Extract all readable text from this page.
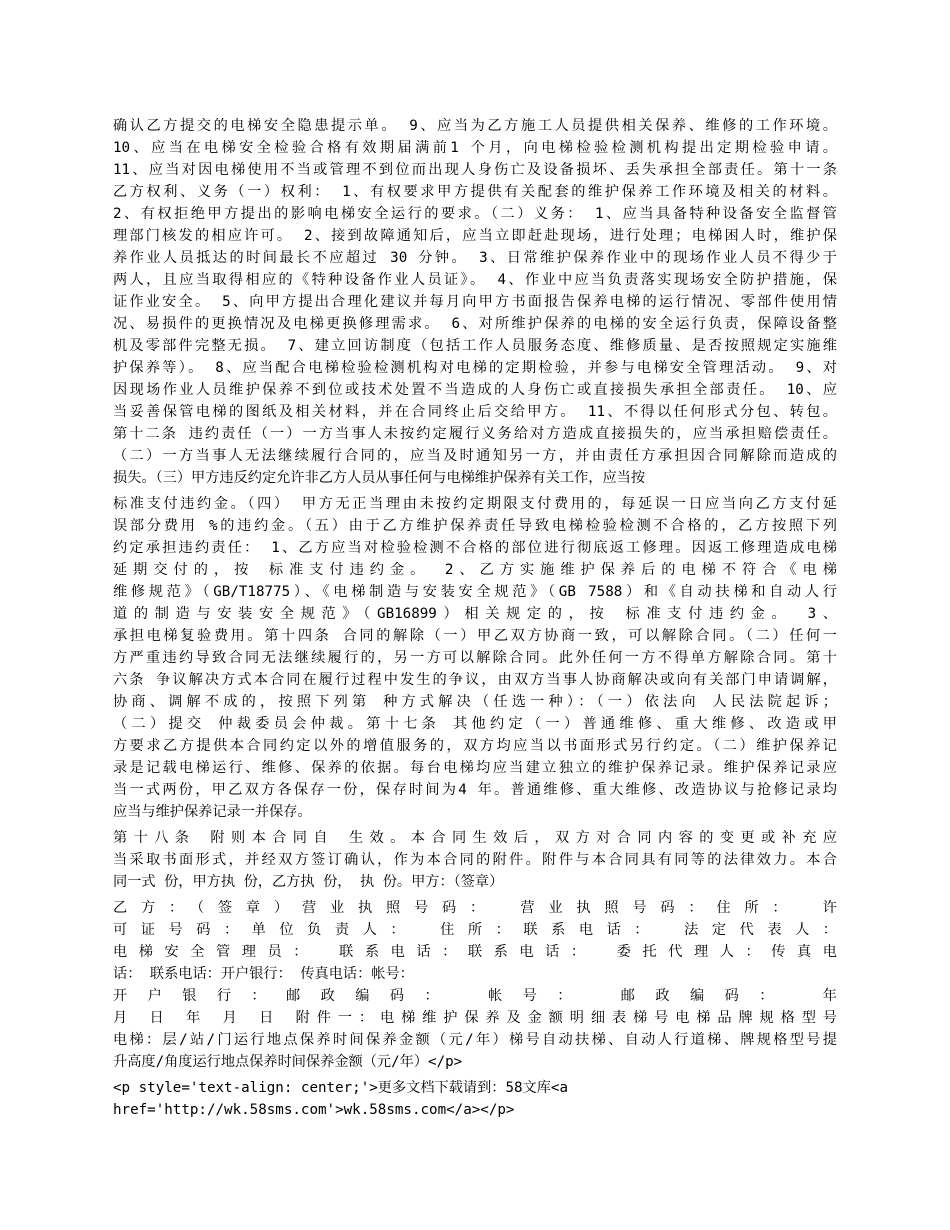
确认乙方提交的电梯安全隐患提示单。 9、应当为乙方施工人员提供相关保养、维修的工作环境。
10、应当在电梯安全检验合格有效期届满前1 个月，向电梯检验检测机构提出定期检验申请。
11、应当对因电梯使用不当或管理不到位而出现人身伤亡及设备损坏、丢失承担全部责任。第十一条
乙方权利、义务（一）权利： 1、有权要求甲方提供有关配套的维护保养工作环境及相关的材料。
2、有权拒绝甲方提出的影响电梯安全运行的要求。（二）义务： 1、应当具备特种设备安全监督管
理部门核发的相应许可。 2、接到故障通知后，应当立即赶赴现场，进行处理；电梯困人时，维护保
养作业人员抵达的时间最长不应超过 30 分钟。 3、日常维护保养作业中的现场作业人员不得少于
两人，且应当取得相应的《特种设备作业人员证》。 4、作业中应当负责落实现场安全防护措施，保
证作业安全。 5、向甲方提出合理化建议并每月向甲方书面报告保养电梯的运行情况、零部件使用情
况、易损件的更换情况及电梯更换修理需求。 6、对所维护保养的电梯的安全运行负责，保障设备整
机及零部件完整无损。 7、建立回访制度（包括工作人员服务态度、维修质量、是否按照规定实施维
护保养等）。 8、应当配合电梯检验检测机构对电梯的定期检验，并参与电梯安全管理活动。 9、对
因现场作业人员维护保养不到位或技术处置不当造成的人身伤亡或直接损失承担全部责任。 10、应
当妥善保管电梯的图纸及相关材料，并在合同终止后交给甲方。 11、不得以任何形式分包、转包。
第十二条 违约责任（一）一方当事人未按约定履行义务给对方造成直接损失的，应当承担赔偿责任。
（二）一方当事人无法继续履行合同的，应当及时通知另一方，并由责任方承担因合同解除而造成的
损失。（三）甲方违反约定允许非乙方人员从事任何与电梯维护保养有关工作，应当按
标准支付违约金。（四） 甲方无正当理由未按约定期限支付费用的，每延误一日应当向乙方支付延
误部分费用 %的违约金。（五）由于乙方维护保养责任导致电梯检验检测不合格的，乙方按照下列
约定承担违约责任： 1、乙方应当对检验检测不合格的部位进行彻底返工修理。因返工修理造成电梯
延期交付的，按 标准支付违约金。 2、乙方实施维护保养后的电梯不符合《电梯
维修规范》（GB/T18775）、《电梯制造与安装安全规范》（GB 7588）和《自动扶梯和自动人行
道的制造与安装安全规范》（GB16899）相关规定的，按 标准支付违约金。 3、
承担电梯复验费用。第十四条 合同的解除（一）甲乙双方协商一致，可以解除合同。（二）任何一
方严重违约导致合同无法继续履行的，另一方可以解除合同。此外任何一方不得单方解除合同。第十
六条 争议解决方式本合同在履行过程中发生的争议，由双方当事人协商解决或向有关部门申请调解，
协商、调解不成的，按照下列第 种方式解决（任选一种）：（一）依法向 人民法院起诉；
（二）提交 仲裁委员会仲裁。第十七条 其他约定（一）普通维修、重大维修、改造或甲
方要求乙方提供本合同约定以外的增值服务的，双方均应当以书面形式另行约定。（二）维护保养记
录是记载电梯运行、维修、保养的依据。每台电梯均应当建立独立的维护保养记录。维护保养记录应
当一式两份，甲乙双方各保存一份，保存时间为4 年。普通维修、重大维修、改造协议与抢修记录均
应当与维护保养记录一并保存。
第十八条 附则本合同自 生效。本合同生效后，双方对合同内容的变更或补充应
当采取书面形式，并经双方签订确认，作为本合同的附件。附件与本合同具有同等的法律效力。本合
同一式 份，甲方执 份，乙方执 份， 执 份。甲方：（签章）
乙方：（签章）营业执照号码： 营业执照号码：住所： 许
可证号码：单位负责人： 住所：联系电话： 法定代表人：
电梯安全管理员： 联系电话：联系电话： 委托代理人：传真电
话： 联系电话：开户银行： 传真电话：帐号：
开户银行：邮政编码： 帐号： 邮政编码： 年
月 日 年 月 日 附件一：电梯维护保养及金额明细表梯号电梯品牌规格型号
电梯：层/站/门运行地点保养时间保养金额（元/年）梯号自动扶梯、自动人行道梯、牌规格型号提
升高度/角度运行地点保养时间保养金额（元/年）</p>
<p style='text-align: center;'>更多文档下载请到：58文库<a
href='http://wk.58sms.com'>wk.58sms.com</a></p>
